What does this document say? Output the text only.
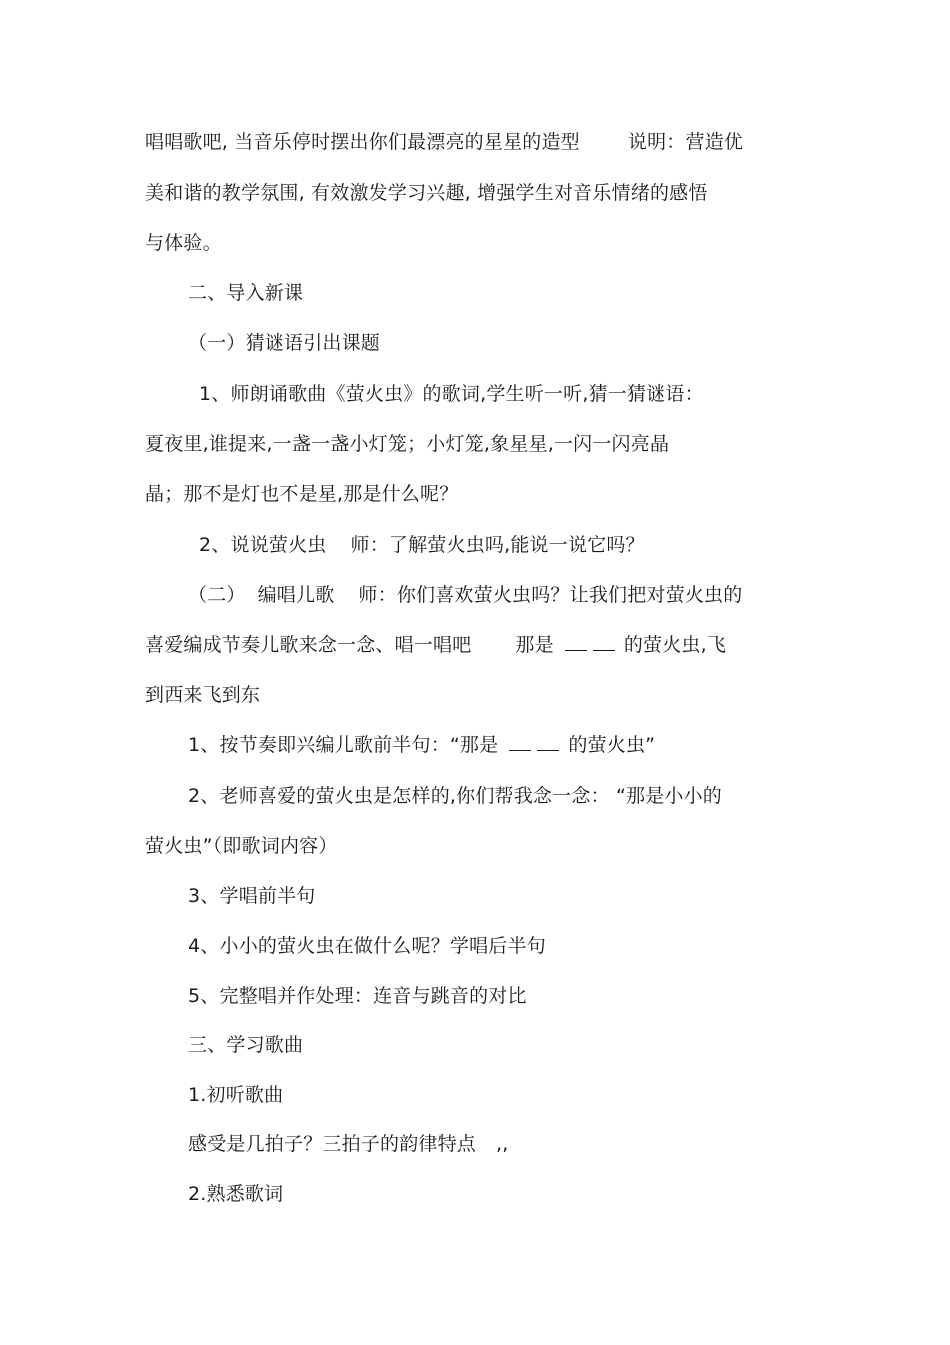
唱唱歌吧, 当音乐停时摆出你们最漂亮的星星的造型	说明：营造优
美和谐的教学氛围, 有效激发学习兴趣, 增强学生对音乐情绪的感悟
与体验。
二、导入新课
（一）猜谜语引出课题
1、师朗诵歌曲《萤火虫》的歌词,学生听一听,猜一猜谜语：
夏夜里,谁提来,一盏一盏小灯笼；小灯笼,象星星,一闪一闪亮晶
晶；那不是灯也不是星,那是什么呢？
2、说说萤火虫 师：了解萤火虫吗,能说一说它吗？
（二） 编唱儿歌 师：你们喜欢萤火虫吗？让我们把对萤火虫的
喜爱编成节奏儿歌来念一念、唱一唱吧 那是	的萤火虫,飞
到西来飞到东
1、按节奏即兴编儿歌前半句：“那是	的萤火虫”
2、老师喜爱的萤火虫是怎样的,你们帮我念一念： “那是小小的
萤火虫”（即歌词内容）
3、学唱前半句
4、小小的萤火虫在做什么呢？学唱后半句
5、完整唱并作处理：连音与跳音的对比
三、学习歌曲
1.初听歌曲
感受是几拍子？三拍子的韵律特点 ,,
2.熟悉歌词
